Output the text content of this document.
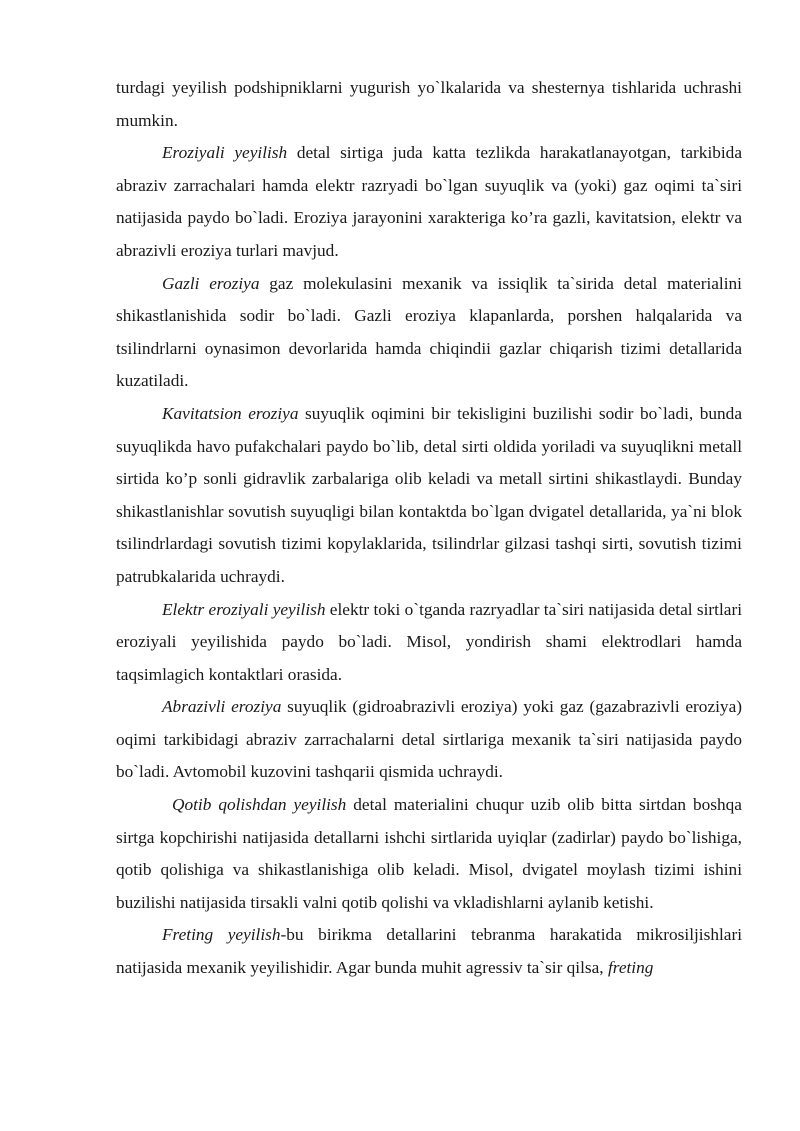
turdagi yeyilish podshipniklarni yugurish yo`lkalarida va shesternya tishlarida uchrashi mumkin.

Eroziyali yeyilish detal sirtiga juda katta tezlikda harakatlanayotgan, tarkibida abraziv zarrachalari hamda elektr razryadi bo`lgan suyuqlik va (yoki) gaz oqimi ta`siri natijasida paydo bo`ladi. Eroziya jarayonini xarakteriga ko’ra gazli, kavitatsion, elektr va abrazivli eroziya turlari mavjud.

Gazli eroziya gaz molekulasini mexanik va issiqlik ta`sirida detal materialini shikastlanishida sodir bo`ladi. Gazli eroziya klapanlarda, porshen halqalarida va tsilindrlarni oynasimon devorlarida hamda chiqindii gazlar chiqarish tizimi detallarida kuzatiladi.

Kavitatsion eroziya suyuqlik oqimini bir tekisligini buzilishi sodir bo`ladi, bunda suyuqlikda havo pufakchalari paydo bo`lib, detal sirti oldida yoriladi va suyuqlikni metall sirtida ko’p sonli gidravlik zarbalariga olib keladi va metall sirtini shikastlaydi. Bunday shikastlanishlar sovutish suyuqligi bilan kontaktda bo`lgan dvigatel detallarida, ya`ni blok tsilindrlardagi sovutish tizimi kopylaklarida, tsilindrlar gilzasi tashqi sirti, sovutish tizimi patrubkalarida uchraydi.

Elektr eroziyali yeyilish elektr toki o`tganda razryadlar ta`siri natijasida detal sirtlari eroziyali yeyilishida paydo bo`ladi. Misol, yondirish shami elektrodlari hamda taqsimlagich kontaktlari orasida.

Abrazivli eroziya suyuqlik (gidroabrazivli eroziya) yoki gaz (gazabrazivli eroziya) oqimi tarkibidagi abraziv zarrachalarni detal sirtlariga mexanik ta`siri natijasida paydo bo`ladi. Avtomobil kuzovini tashqarii qismida uchraydi.

Qotib qolishdan yeyilish detal materialini chuqur uzib olib bitta sirtdan boshqa sirtga kopchirishi natijasida detallarni ishchi sirtlarida uyiqlar (zadirlar) paydo bo`lishiga, qotib qolishiga va shikastlanishiga olib keladi. Misol, dvigatel moylash tizimi ishini buzilishi natijasida tirsakli valni qotib qolishi va vkladishlarni aylanib ketishi.

Freting yeyilish-bu birikma detallarini tebranma harakatida mikrosiljishlari natijasida mexanik yeyilishidir. Agar bunda muhit agressiv ta`sir qilsa, freting
